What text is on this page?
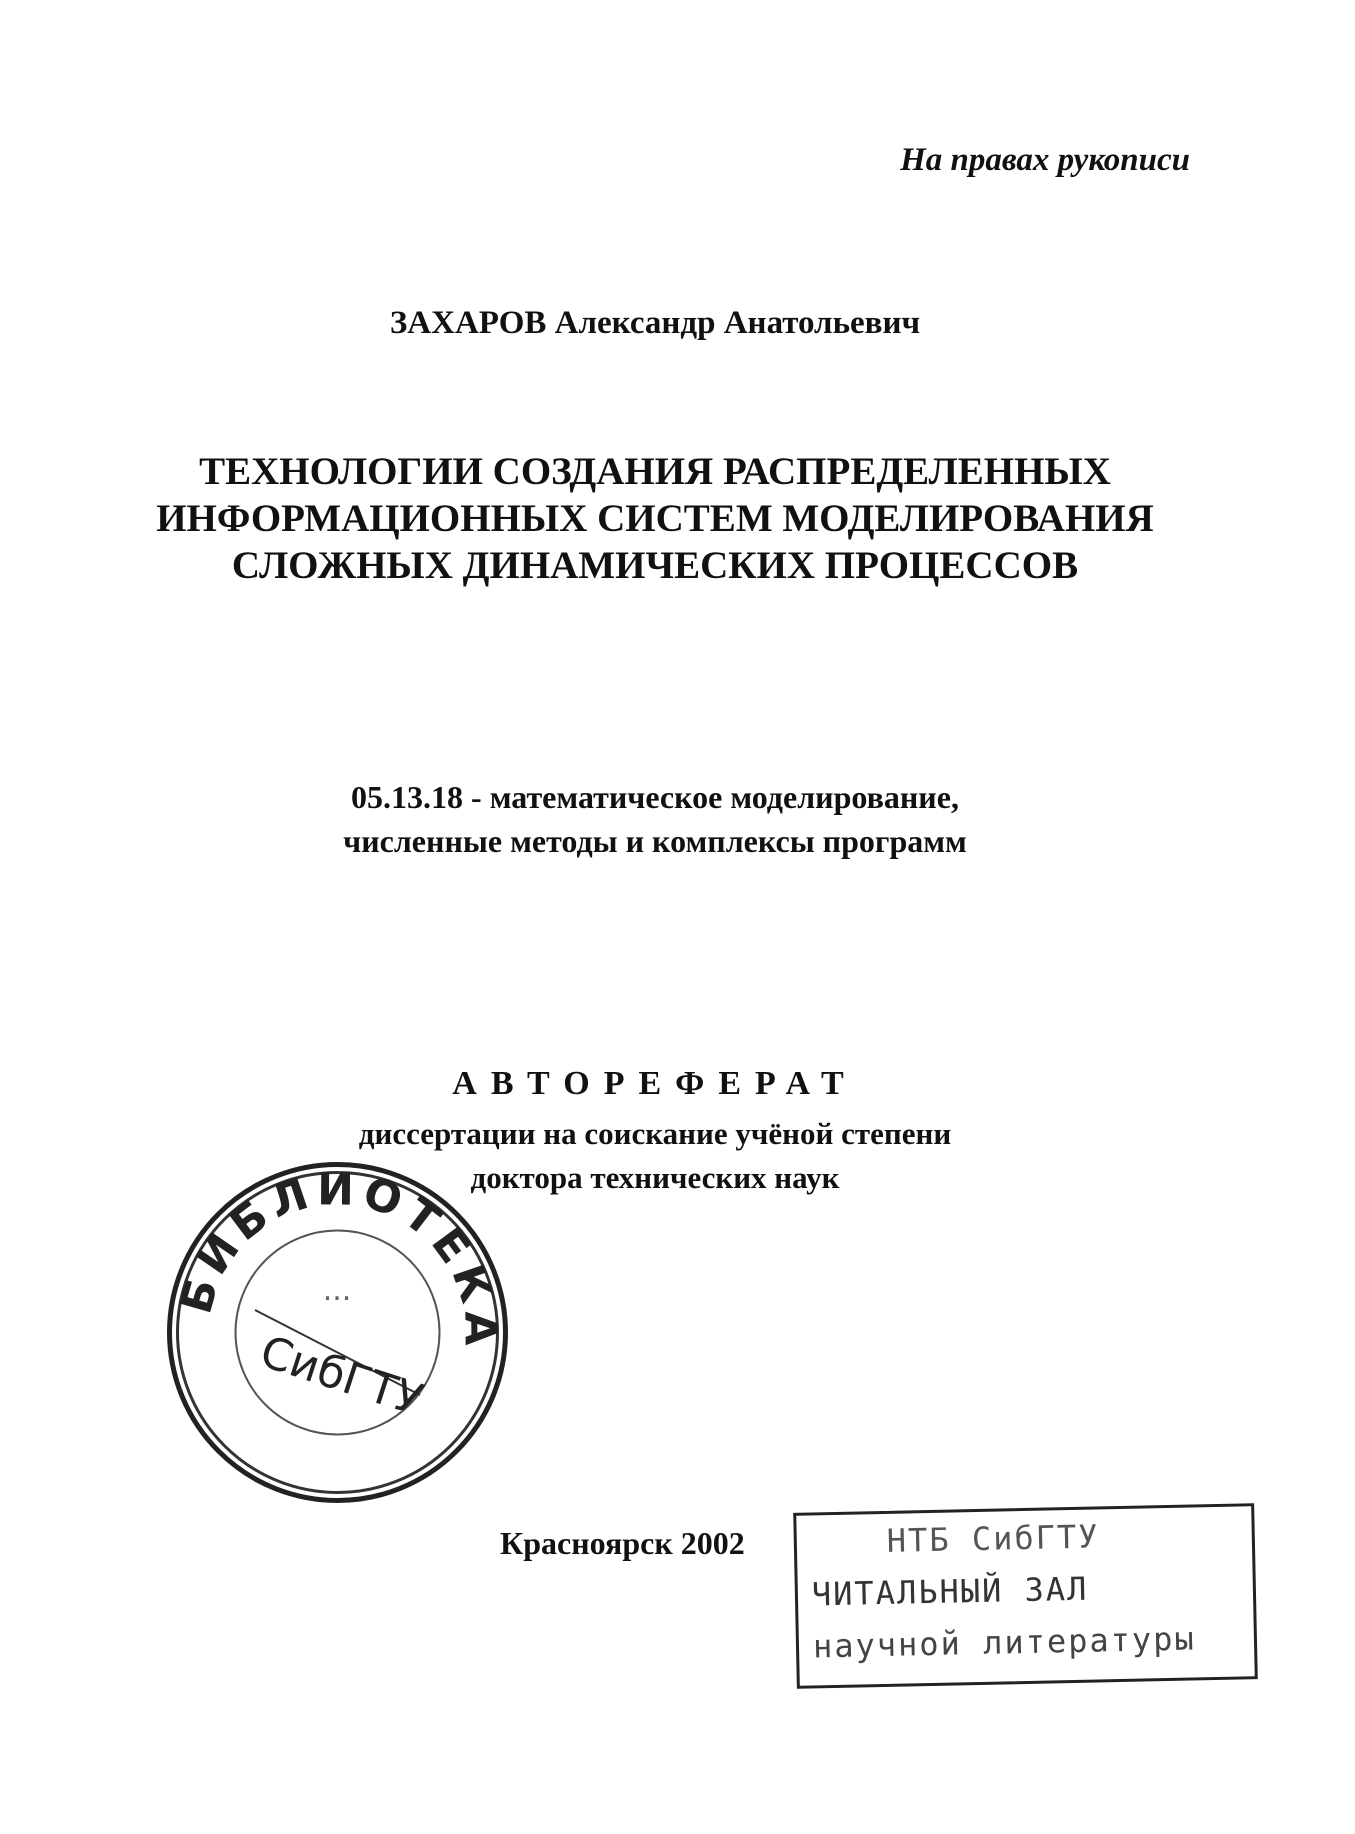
На правах рукописи
ЗАХАРОВ Александр Анатольевич
ТЕХНОЛОГИИ СОЗДАНИЯ РАСПРЕДЕЛЕННЫХ
ИНФОРМАЦИОННЫХ СИСТЕМ МОДЕЛИРОВАНИЯ
СЛОЖНЫХ ДИНАМИЧЕСКИХ ПРОЦЕССОВ
05.13.18 - математическое моделирование,
численные методы и комплексы программ
АВТОРЕФЕРАТ
диссертации на соискание учёной степени
доктора технических наук
БИБЛИОТЕКА
...
СибГТУ
Красноярск 2002	НТБ СибГТУ
ЧИТАЛЬНЫЙ ЗАЛ
научной литературы
